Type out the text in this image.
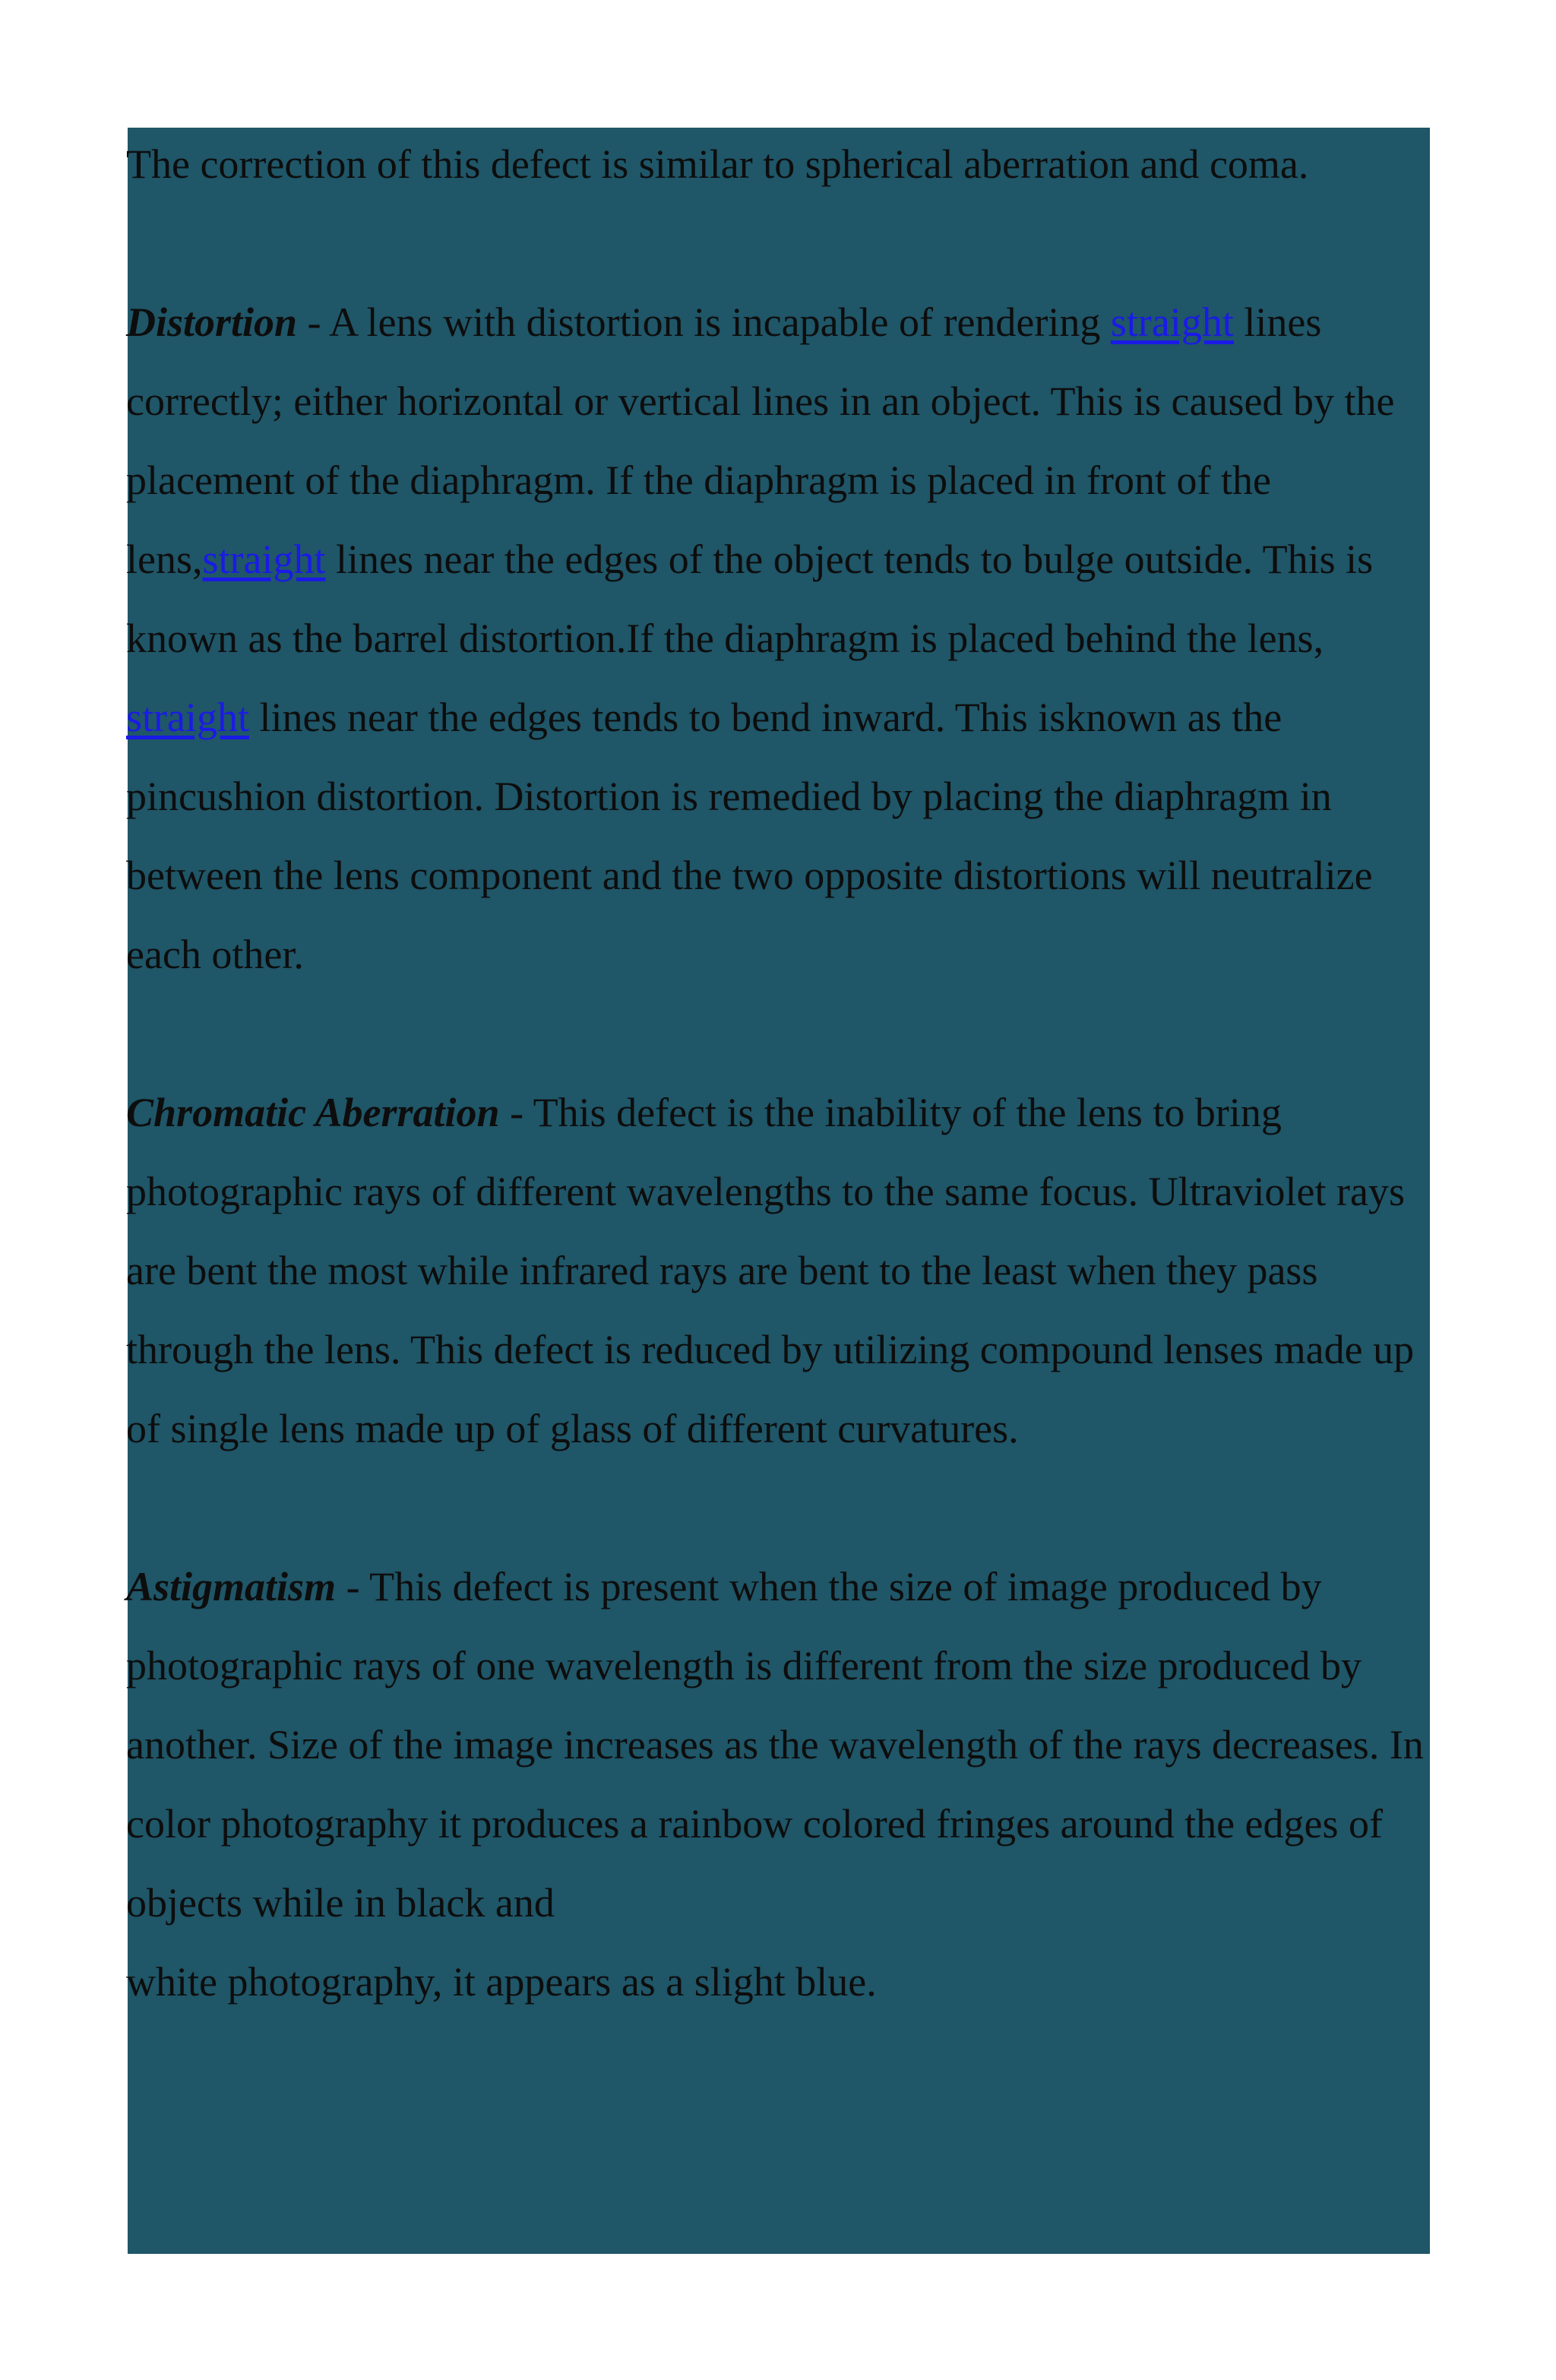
The correction of this defect is similar to spherical aberration and coma.

Distortion - A lens with distortion is incapable of rendering straight lines correctly; either horizontal or vertical lines in an object. This is caused by the placement of the diaphragm. If the diaphragm is placed in front of the lens,straight lines near the edges of the object tends to bulge outside. This is known as the barrel distortion.If the diaphragm is placed behind the lens, straight lines near the edges tends to bend inward. This isknown as the pincushion distortion. Distortion is remedied by placing the diaphragm in between the lens component and the two opposite distortions will neutralize each other.

Chromatic Aberration - This defect is the inability of the lens to bring photographic rays of different wavelengths to the same focus. Ultraviolet rays are bent the most while infrared rays are bent to the least when they pass through the lens. This defect is reduced by utilizing compound lenses made up of single lens made up of glass of different curvatures.

Astigmatism - This defect is present when the size of image produced by photographic rays of one wavelength is different from the size produced by another. Size of the image increases as the wavelength of the rays decreases. In color photography it produces a rainbow colored fringes around the edges of objects while in black and
white photography, it appears as a slight blue.
